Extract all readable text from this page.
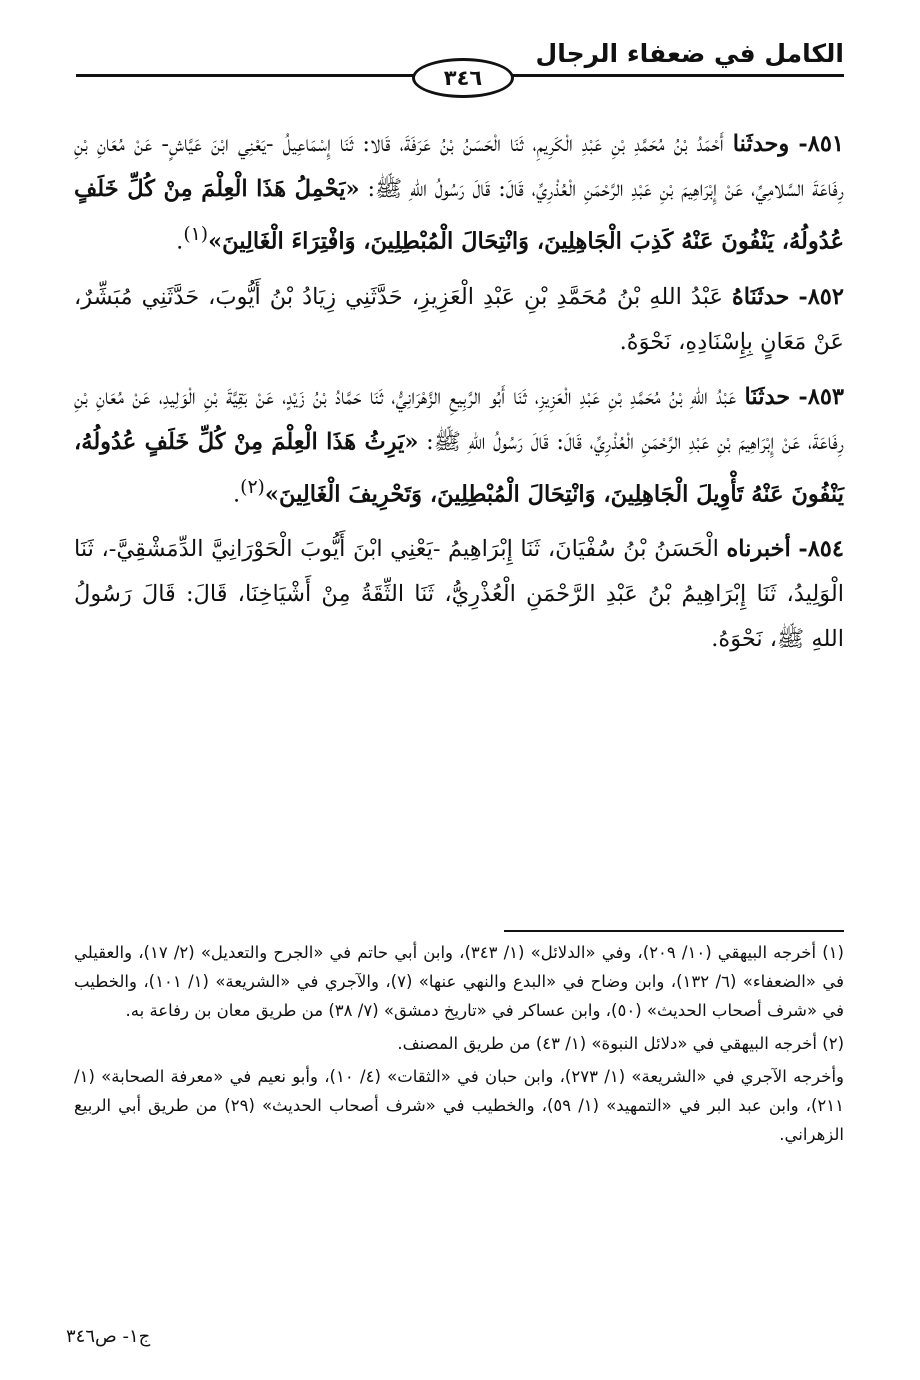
الكامل في ضعفاء الرجال
٣٤٦

٨٥١- وحدثَنا أَحْمَدُ بْنُ مُحَمَّدِ بْنِ عَبْدِ الْكَرِيمِ، ثَنَا الْحَسَنُ بْنُ عَرَفَةَ، قَالا: ثَنَا إِسْمَاعِيلُ -يَعْنِي ابْنَ عَيَّاشٍ- عَنْ مُعَانِ بْنِ رِفَاعَةَ السَّلامِيِّ، عَنْ إِبْرَاهِيمَ بْنِ عَبْدِ الرَّحْمَنِ الْعُذْرِيِّ، قَالَ: قَالَ رَسُولُ اللهِ ﷺ: «يَحْمِلُ هَذَا الْعِلْمَ مِنْ كُلِّ خَلَفٍ عُدُولُهُ، يَنْفُونَ عَنْهُ كَذِبَ الْجَاهِلِينَ، وَانْتِحَالَ الْمُبْطِلِينَ، وَافْتِرَاءَ الْغَالِينَ»$^{(١)}$.

٨٥٢- حدثَنَاهُ عَبْدُ اللهِ بْنُ مُحَمَّدِ بْنِ عَبْدِ الْعَزِيزِ، حَدَّثَنِي زِيَادُ بْنُ أَيُّوبَ، حَدَّثَنِي مُبَشِّرٌ، عَنْ مَعَانٍ بِإِسْنَادِهِ، نَحْوَهُ.

٨٥٣- حدثَنَا عَبْدُ اللهِ بْنُ مُحَمَّدِ بْنِ عَبْدِ الْعَزِيزِ، ثَنَا أَبُو الرَّبِيعِ الزَّهْرَانِيُّ، ثَنَا حَمَّادُ بْنُ زَيْدٍ، عَنْ بَقِيَّةَ بْنِ الْوَلِيدِ، عَنْ مُعَانِ بْنِ رِفَاعَةَ، عَنْ إِبْرَاهِيمَ بْنِ عَبْدِ الرَّحْمَنِ الْعُذْرِيِّ، قَالَ: قَالَ رَسُولُ اللهِ ﷺ: «يَرِثُ هَذَا الْعِلْمَ مِنْ كُلِّ خَلَفٍ عُدُولُهُ، يَنْفُونَ عَنْهُ تَأْوِيلَ الْجَاهِلِينَ، وَانْتِحَالَ الْمُبْطِلِينَ، وَتَحْرِيفَ الْغَالِينَ»$^{(٢)}$.

٨٥٤- أخبرناه الْحَسَنُ بْنُ سُفْيَانَ، ثَنَا إِبْرَاهِيمُ -يَعْنِي ابْنَ أَيُّوبَ الْحَوْرَانِيَّ الدِّمَشْقِيَّ-، ثَنَا الْوَلِيدُ، ثَنَا إِبْرَاهِيمُ بْنُ عَبْدِ الرَّحْمَنِ الْعُذْرِيُّ، ثَنَا الثِّقَةُ مِنْ أَشْيَاخِنَا، قَالَ: قَالَ رَسُولُ اللهِ ﷺ، نَحْوَهُ.

(١) أخرجه البيهقي (١٠/ ٢٠٩)، وفي «الدلائل» (١/ ٣٤٣)، وابن أبي حاتم في «الجرح والتعديل» (٢/ ١٧)، والعقيلي في «الضعفاء» (٦/ ١٣٢)، وابن وضاح في «البدع والنهي عنها» (٧)، والآجري في «الشريعة» (١/ ١٠١)، والخطيب في «شرف أصحاب الحديث» (٥٠)، وابن عساكر في «تاريخ دمشق» (٧/ ٣٨) من طريق معان بن رفاعة به.

(٢) أخرجه البيهقي في «دلائل النبوة» (١/ ٤٣) من طريق المصنف.

وأخرجه الآجري في «الشريعة» (١/ ٢٧٣)، وابن حبان في «الثقات» (٤/ ١٠)، وأبو نعيم في «معرفة الصحابة» (١/ ٢١١)، وابن عبد البر في «التمهيد» (١/ ٥٩)، والخطيب في «شرف أصحاب الحديث» (٢٩) من طريق أبي الربيع الزهراني.

ج١- ص٣٤٦
